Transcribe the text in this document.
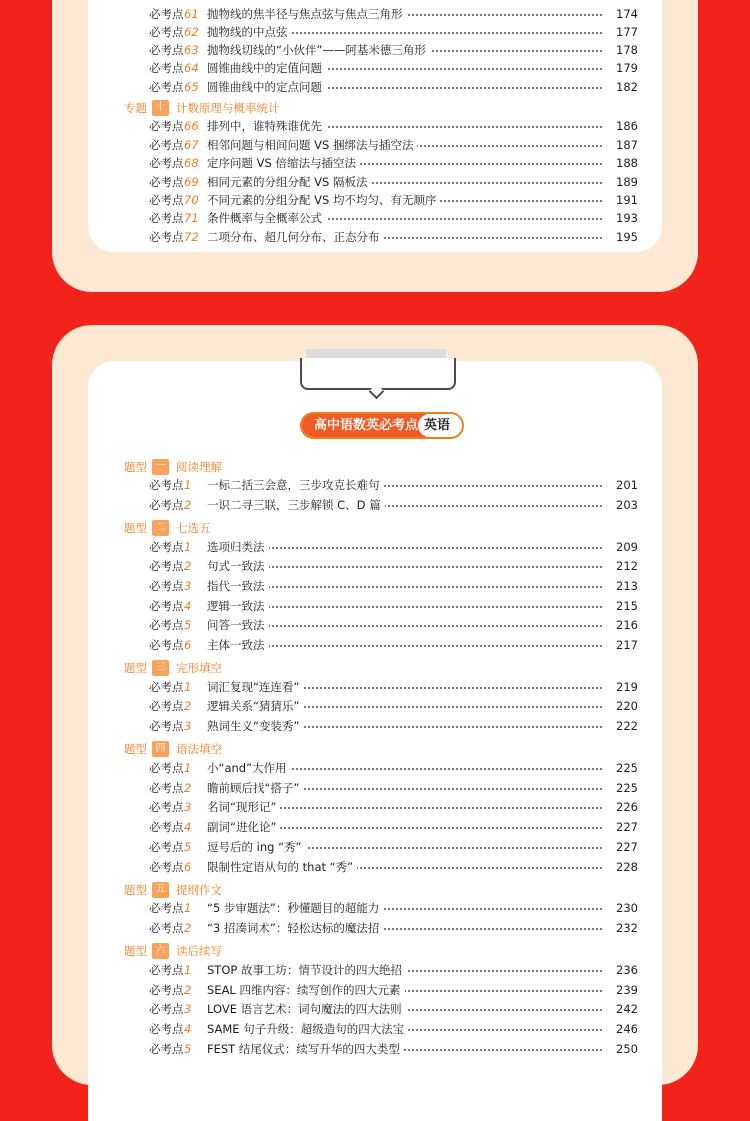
必考点 61 抛物线的焦半径与焦点弦与焦点三角形	174
必考点 62 抛物线的中点弦	177
必考点 63 抛物线切线的“小伙伴”——阿基米德三角形	178
必考点 64 圆锥曲线中的定值问题	179
必考点 65 圆锥曲线中的定点问题	182
专题 十 计数原理与概率统计
必考点 66 排列中，谁特殊谁优先	186
必考点 67 相邻问题与相间问题 VS 捆绑法与插空法	187
必考点 68 定序问题 VS 倍缩法与插空法	188
必考点 69 相同元素的分组分配 VS 隔板法	189
必考点 70 不同元素的分组分配 VS 均不均匀、有无顺序	191
必考点 71 条件概率与全概率公式	193
必考点 72 二项分布、超几何分布、正态分布	195
高中语数英必考点 英语
题型 一 阅读理解
必考点 1 一标二括三会意，三步攻克长难句	201
必考点 2 一识二寻三联，三步解锁 C、D 篇	203
题型 二 七选五
必考点 1 选项归类法	209
必考点 2 句式一致法	212
必考点 3 指代一致法	213
必考点 4 逻辑一致法	215
必考点 5 问答一致法	216
必考点 6 主体一致法	217
题型 三 完形填空
必考点 1 词汇复现“连连看”	219
必考点 2 逻辑关系“猜猜乐”	220
必考点 3 熟词生义“变装秀”	222
题型 四 语法填空
必考点 1 小“and”大作用	225
必考点 2 瞻前顾后找“搭子”	225
必考点 3 名词“现形记”	226
必考点 4 副词“进化论”	227
必考点 5 逗号后的 ing “秀”	227
必考点 6 限制性定语从句的 that “秀”	228
题型 五 提纲作文
必考点 1 “5 步审题法”：秒懂题目的超能力	230
必考点 2 “3 招凑词术”：轻松达标的魔法招	232
题型 六 读后续写
必考点 1 STOP 故事工坊：情节设计的四大绝招	236
必考点 2 SEAL 四维内容：续写创作的四大元素	239
必考点 3 LOVE 语言艺术：词句魔法的四大法则	242
必考点 4 SAME 句子升级：超级造句的四大法宝	246
必考点 5 FEST 结尾仪式：续写升华的四大类型	250
